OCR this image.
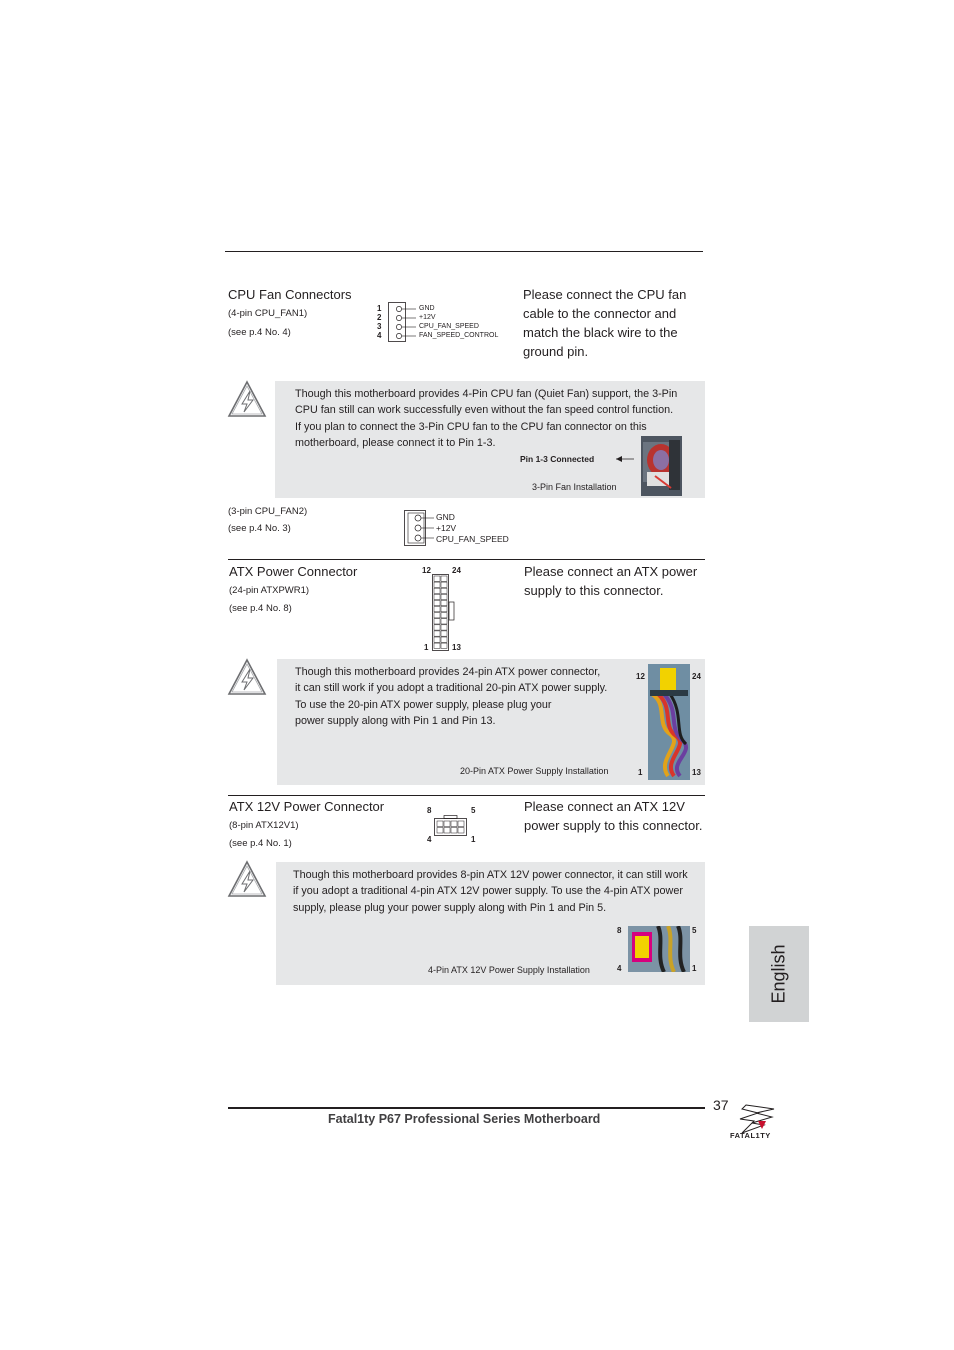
CPU Fan Connectors
(4-pin CPU_FAN1)
(see p.4 No. 4)
1
2
3
4
GND
+12V
CPU_FAN_SPEED
FAN_SPEED_CONTROL
Please connect the CPU fan
cable to the connector and
match the black wire to the
ground pin.
Though this motherboard provides 4-Pin CPU fan (Quiet Fan) support, the 3-Pin
CPU fan still can work successfully even without the fan speed control function.
If you plan to connect the 3-Pin CPU fan to the CPU fan connector on this
motherboard, please connect it to Pin 1-3.
Pin 1-3 Connected
3-Pin Fan Installation
(3-pin CPU_FAN2)
(see p.4 No. 3)
GND
+12V
CPU_FAN_SPEED
ATX Power Connector
(24-pin ATXPWR1)
(see p.4 No. 8)
12	24
1	13
Please connect an ATX power
supply to this connector.
Though this motherboard provides 24-pin ATX power connector,
it can still work if you adopt a traditional 20-pin ATX power supply.
To use the 20-pin ATX power supply, please plug your
power supply along with Pin 1 and Pin 13.
20-Pin ATX Power Supply Installation
12	24
1	13
ATX 12V Power Connector
(8-pin ATX12V1)
(see p.4 No. 1)
8	5
4	1
Please connect an ATX 12V
power supply to this connector.
Though this motherboard provides 8-pin ATX 12V power connector, it can still work
if you adopt a traditional 4-pin ATX 12V power supply. To use the 4-pin ATX power
supply, please plug your power supply along with Pin 1 and Pin 5.
4-Pin ATX 12V Power Supply Installation
8	5
4	1	English
37
Fatal1ty P67 Professional Series Motherboard
FATAL1TY
